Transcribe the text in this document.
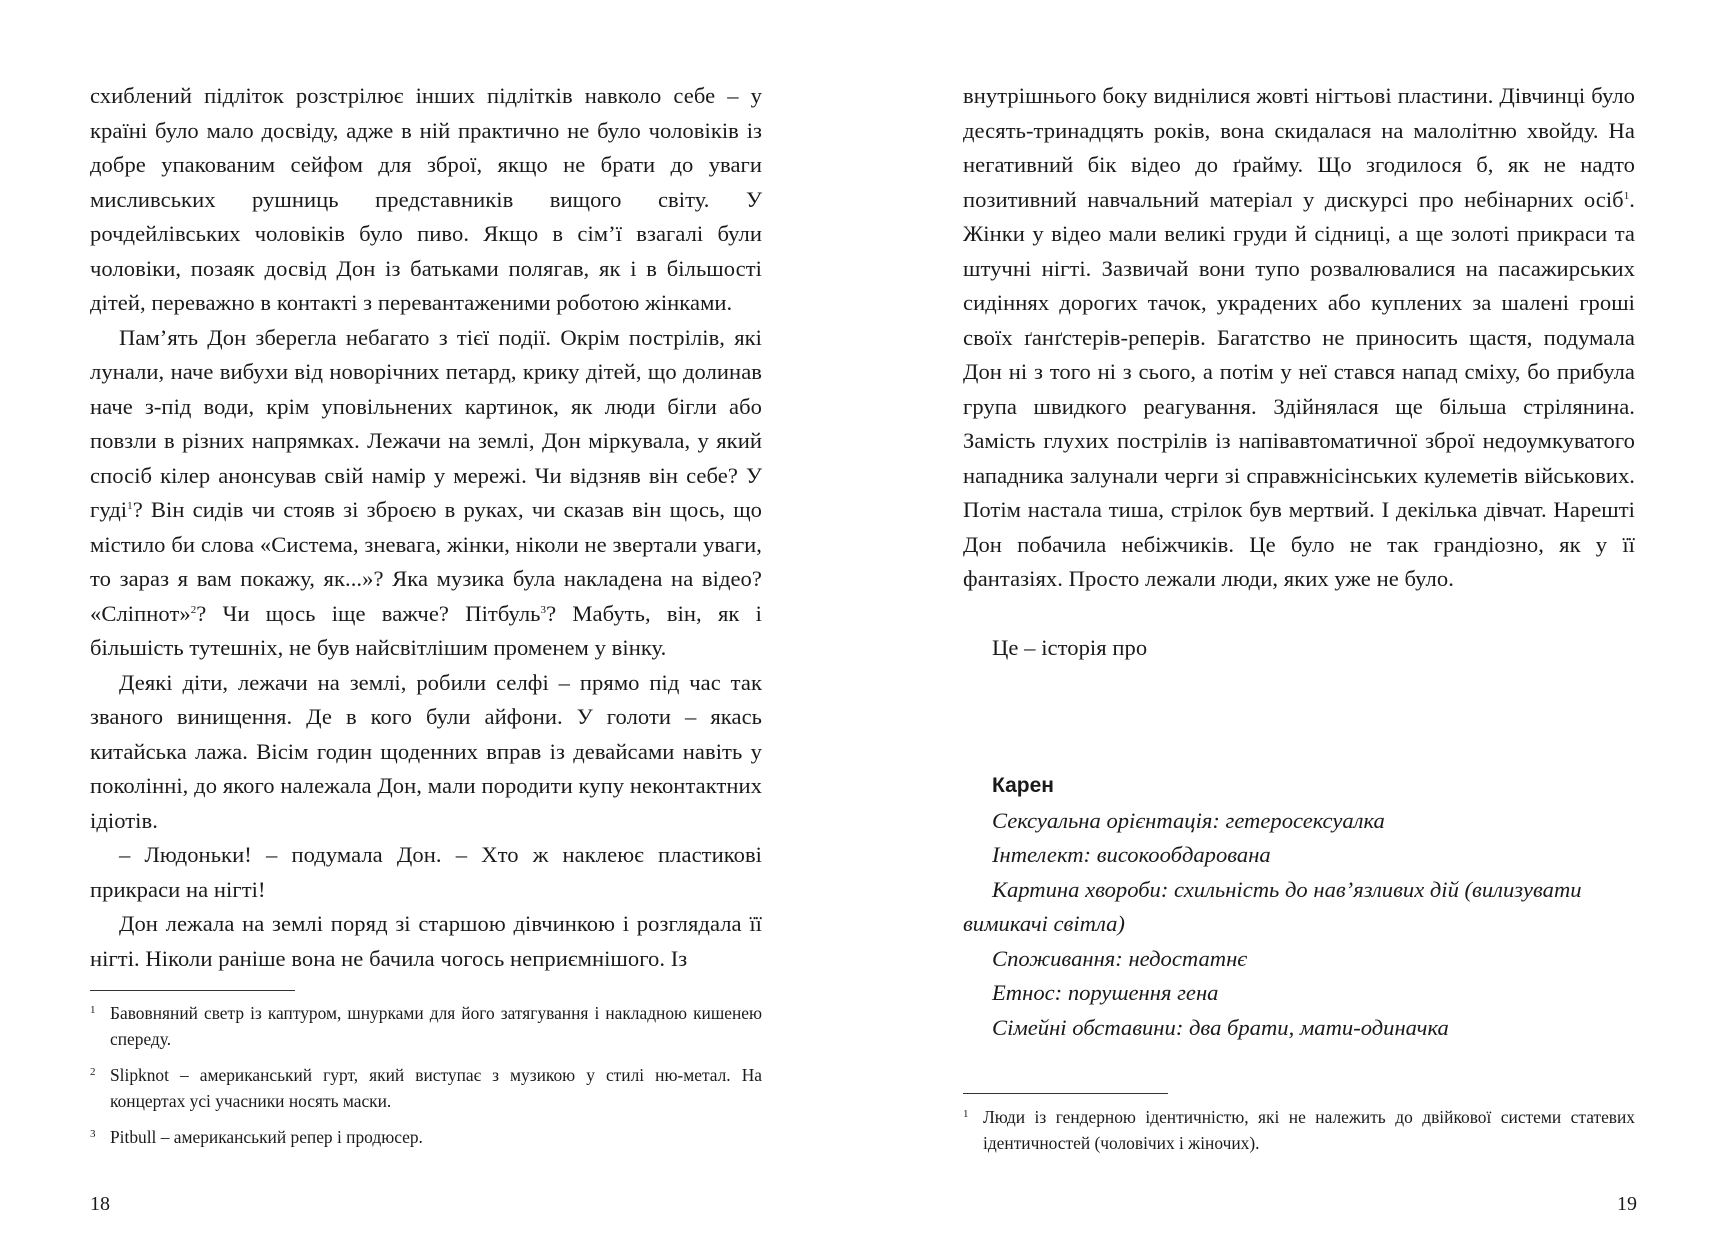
схиблений підліток розстрілює інших підлітків навколо себе – у країні було мало досвіду, адже в ній практично не було чоловіків із добре упакованим сейфом для зброї, якщо не брати до уваги мисливських рушниць представників вищого світу. У рочдейлівських чоловіків було пиво. Якщо в сім’ї взагалі були чоловіки, позаяк досвід Дон із батьками полягав, як і в більшості дітей, переважно в контакті з перевантаженими роботою жінками.

Пам’ять Дон зберегла небагато з тієї події. Окрім пострілів, які лунали, наче вибухи від новорічних петард, крику дітей, що долинав наче з-під води, крім уповільнених картинок, як люди бігли або повзли в різних напрямках. Лежачи на землі, Дон міркувала, у який спосіб кілер анонсував свій намір у мережі. Чи відзняв він себе? У гуді$^1$? Він сидів чи стояв зі зброєю в руках, чи сказав він щось, що містило би слова «Система, зневага, жінки, ніколи не звертали уваги, то зараз я вам покажу, як...»? Яка музика була накладена на відео? «Сліпнот»$^2$? Чи щось іще важче? Пітбуль$^3$? Мабуть, він, як і більшість тутешніх, не був найсвітлішим променем у вінку.

Деякі діти, лежачи на землі, робили селфі – прямо під час так званого винищення. Де в кого були айфони. У голоти – якась китайська лажа. Вісім годин щоденних вправ із девайсами навіть у поколінні, до якого належала Дон, мали породити купу неконтактних ідіотів.

– Людоньки! – подумала Дон. – Хто ж наклеює пластикові прикраси на нігті!

Дон лежала на землі поряд зі старшою дівчинкою і розглядала її нігті. Ніколи раніше вона не бачила чогось неприємнішого. Із

1 Бавовняний светр із каптуром, шнурками для його затягування і накладною кишенею спереду.
2 Slipknot – американський гурт, який виступає з музикою у стилі ню-метал. На концертах усі учасники носять маски.
3 Pitbull – американський репер і продюсер.
18

внутрішнього боку виднілися жовті нігтьові пластини. Дівчинці було десять-тринадцять років, вона скидалася на малолітню хвойду. На негативний бік відео до ґрайму. Що згодилося б, як не надто позитивний навчальний матеріал у дискурсі про небінарних осіб$^1$. Жінки у відео мали великі груди й сідниці, а ще золоті прикраси та штучні нігті. Зазвичай вони тупо розвалювалися на пасажирських сидіннях дорогих тачок, украдених або куплених за шалені гроші своїх ґанґстерів-реперів. Багатство не приносить щастя, подумала Дон ні з того ні з сього, а потім у неї стався напад сміху, бо прибула група швидкого реагування. Здійнялася ще більша стрілянина. Замість глухих пострілів із напівавтоматичної зброї недоумкуватого нападника залунали черги зі справжнісінських кулеметів військових. Потім настала тиша, стрілок був мертвий. І декілька дівчат. Нарешті Дон побачила небіжчиків. Це було не так грандіозно, як у її фантазіях. Просто лежали люди, яких уже не було.

Це – історія про

Карен

Сексуальна орієнтація: гетеросексуалка

Інтелект: високообдарована

Картина хвороби: схильність до нав’язливих дій (вилизувати вимикачі світла)

Споживання: недостатнє

Етнос: порушення гена

Сімейні обставини: два брати, мати-одиначка

1 Люди із гендерною ідентичністю, які не належить до двійкової системи статевих ідентичностей (чоловічих і жіночих).
19
